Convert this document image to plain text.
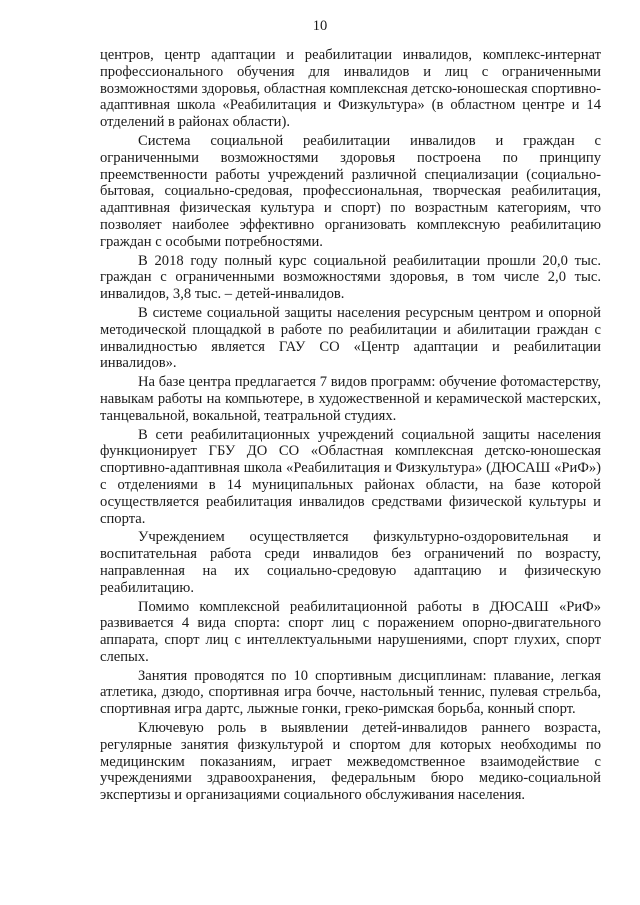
10

центров, центр адаптации и реабилитации инвалидов, комплекс-интернат профессионального обучения для инвалидов и лиц с ограниченными возможностями здоровья, областная комплексная детско-юношеская спортивно-адаптивная школа «Реабилитация и Физкультура» (в областном центре и 14 отделений в районах области).

Система социальной реабилитации инвалидов и граждан с ограниченными возможностями здоровья построена по принципу преемственности работы учреждений различной специализации (социально-бытовая, социально-средовая, профессиональная, творческая реабилитация, адаптивная физическая культура и спорт) по возрастным категориям, что позволяет наиболее эффективно организовать комплексную реабилитацию граждан с особыми потребностями.

В 2018 году полный курс социальной реабилитации прошли 20,0 тыс. граждан с ограниченными возможностями здоровья, в том числе 2,0 тыс. инвалидов, 3,8 тыс. – детей-инвалидов.

В системе социальной защиты населения ресурсным центром и опорной методической площадкой в работе по реабилитации и абилитации граждан с инвалидностью является ГАУ СО «Центр адаптации и реабилитации инвалидов».

На базе центра предлагается 7 видов программ: обучение фотомастерству, навыкам работы на компьютере, в художественной и керамической мастерских, танцевальной, вокальной, театральной студиях.

В сети реабилитационных учреждений социальной защиты населения функционирует ГБУ ДО СО «Областная комплексная детско-юношеская спортивно-адаптивная школа «Реабилитация и Физкультура» (ДЮСАШ «РиФ») с отделениями в 14 муниципальных районах области, на базе которой осуществляется реабилитация инвалидов средствами физической культуры и спорта.

Учреждением осуществляется физкультурно-оздоровительная и воспитательная работа среди инвалидов без ограничений по возрасту, направленная на их социально-средовую адаптацию и физическую реабилитацию.

Помимо комплексной реабилитационной работы в ДЮСАШ «РиФ» развивается 4 вида спорта: спорт лиц с поражением опорно-двигательного аппарата, спорт лиц с интеллектуальными нарушениями, спорт глухих, спорт слепых.

Занятия проводятся по 10 спортивным дисциплинам: плавание, легкая атлетика, дзюдо, спортивная игра бочче, настольный теннис, пулевая стрельба, спортивная игра дартс, лыжные гонки, греко-римская борьба, конный спорт.

Ключевую роль в выявлении детей-инвалидов раннего возраста, регулярные занятия физкультурой и спортом для которых необходимы по медицинским показаниям, играет межведомственное взаимодействие с учреждениями здравоохранения, федеральным бюро медико-социальной экспертизы и организациями социального обслуживания населения.
